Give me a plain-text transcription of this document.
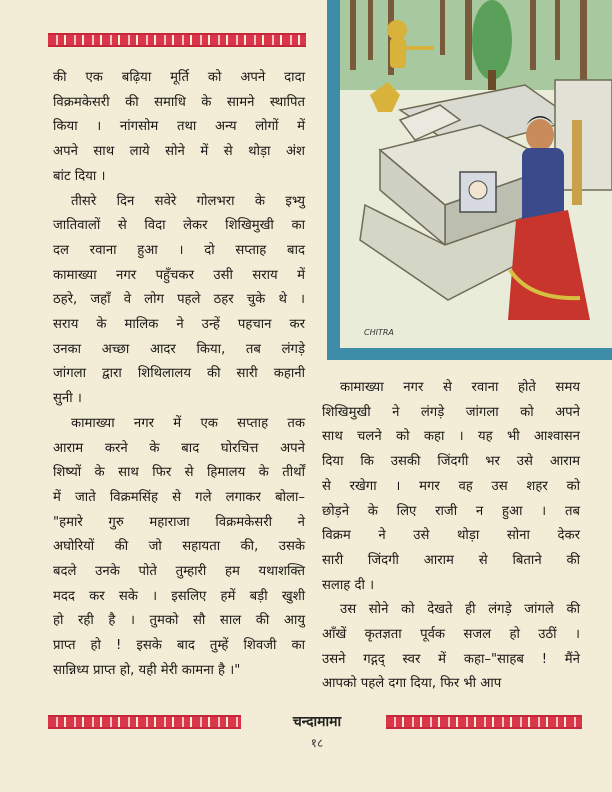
CHITRA
की एक बढ़िया मूर्ति को अपने दादा
विक्रमकेसरी की समाधि के सामने स्थापित
किया । नांगसोम तथा अन्य लोगों में
अपने साथ लाये सोने में से थोड़ा अंश
बांट दिया ।
तीसरे दिन सवेरे गोलभरा के इभ्यु
जातिवालों से विदा लेकर शिखिमुखी का
दल रवाना हुआ । दो सप्ताह बाद
कामाख्या नगर पहुँचकर उसी सराय में
ठहरे, जहाँ वे लोग पहले ठहर चुके थे ।
सराय के मालिक ने उन्हें पहचान कर
उनका अच्छा आदर किया, तब लंगड़े
जांगला द्वारा शिथिलालय की सारी कहानी
सुनी ।
कामाख्या नगर में एक सप्ताह तक
आराम करने के बाद घोरचित्त अपने
शिष्यों के साथ फिर से हिमालय के तीर्थों
में जाते विक्रमसिंह से गले लगाकर बोला–
"हमारे गुरु महाराजा विक्रमकेसरी ने
अघोरियों की जो सहायता की, उसके
बदले उनके पोते तुम्हारी हम यथाशक्ति
मदद कर सके । इसलिए हमें बड़ी खुशी
हो रही है । तुमको सौ साल की आयु
प्राप्त हो ! इसके बाद तुम्हें शिवजी का
सान्निध्य प्राप्त हो, यही मेरी कामना है ।"
कामाख्या नगर से रवाना होते समय
शिखिमुखी ने लंगड़े जांगला को अपने
साथ चलने को कहा । यह भी आश्वासन
दिया कि उसकी जिंदगी भर उसे आराम
से रखेगा । मगर वह उस शहर को
छोड़ने के लिए राजी न हुआ । तब
विक्रम ने उसे थोड़ा सोना देकर
सारी जिंदगी आराम से बिताने की
सलाह दी ।
उस सोने को देखते ही लंगड़े जांगले की
आँखें कृतज्ञता पूर्वक सजल हो उठीं ।
उसने गद्गद् स्वर में कहा–"साहब ! मैंने
आपको पहले दगा दिया, फिर भी आप
चन्दामामा
१८
